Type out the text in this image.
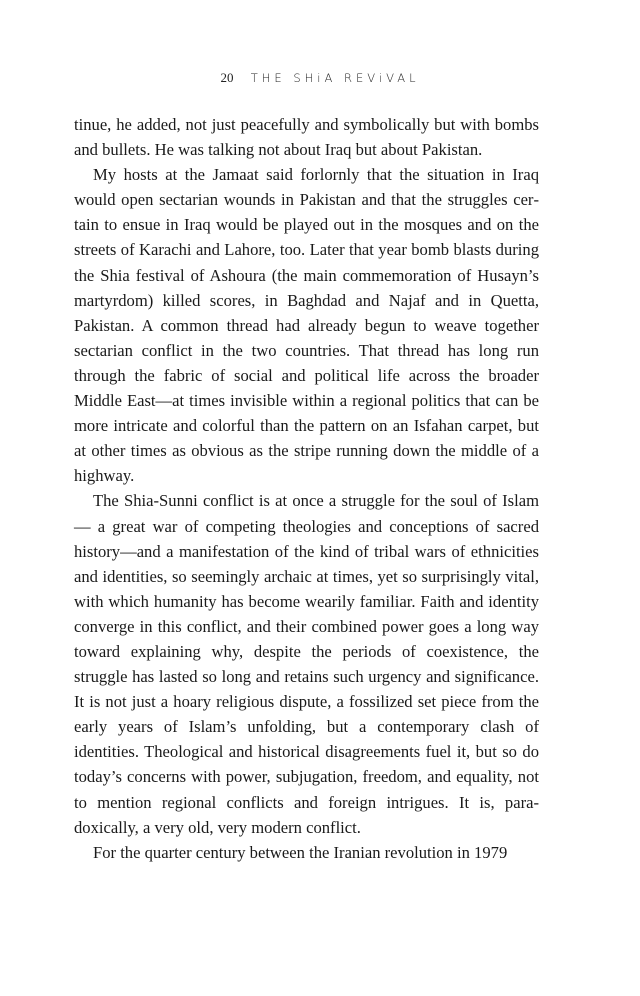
20 THE SHiA REViVAL

tinue, he added, not just peacefully and symbolically but with bombs and bullets. He was talking not about Iraq but about Pakistan.

My hosts at the Jamaat said forlornly that the situation in Iraq would open sectarian wounds in Pakistan and that the struggles certain to ensue in Iraq would be played out in the mosques and on the streets of Karachi and Lahore, too. Later that year bomb blasts during the Shia festival of Ashoura (the main commemoration of Husayn’s martyrdom) killed scores, in Baghdad and Najaf and in Quetta, Pakistan. A common thread had already begun to weave together sectarian conflict in the two countries. That thread has long run through the fabric of social and political life across the broader Middle East—at times invisible within a regional politics that can be more intricate and colorful than the pattern on an Isfahan carpet, but at other times as obvious as the stripe running down the middle of a highway.

The Shia-Sunni conflict is at once a struggle for the soul of Islam— a great war of competing theologies and conceptions of sacred history—and a manifestation of the kind of tribal wars of ethnicities and identities, so seemingly archaic at times, yet so surprisingly vital, with which humanity has become wearily familiar. Faith and identity converge in this conflict, and their combined power goes a long way toward explaining why, despite the periods of coexistence, the struggle has lasted so long and retains such urgency and significance. It is not just a hoary religious dispute, a fossilized set piece from the early years of Islam’s unfolding, but a contemporary clash of identities. Theological and historical disagreements fuel it, but so do today’s concerns with power, subjugation, freedom, and equality, not to mention regional conflicts and foreign intrigues. It is, paradoxically, a very old, very modern conflict.

For the quarter century between the Iranian revolution in 1979
